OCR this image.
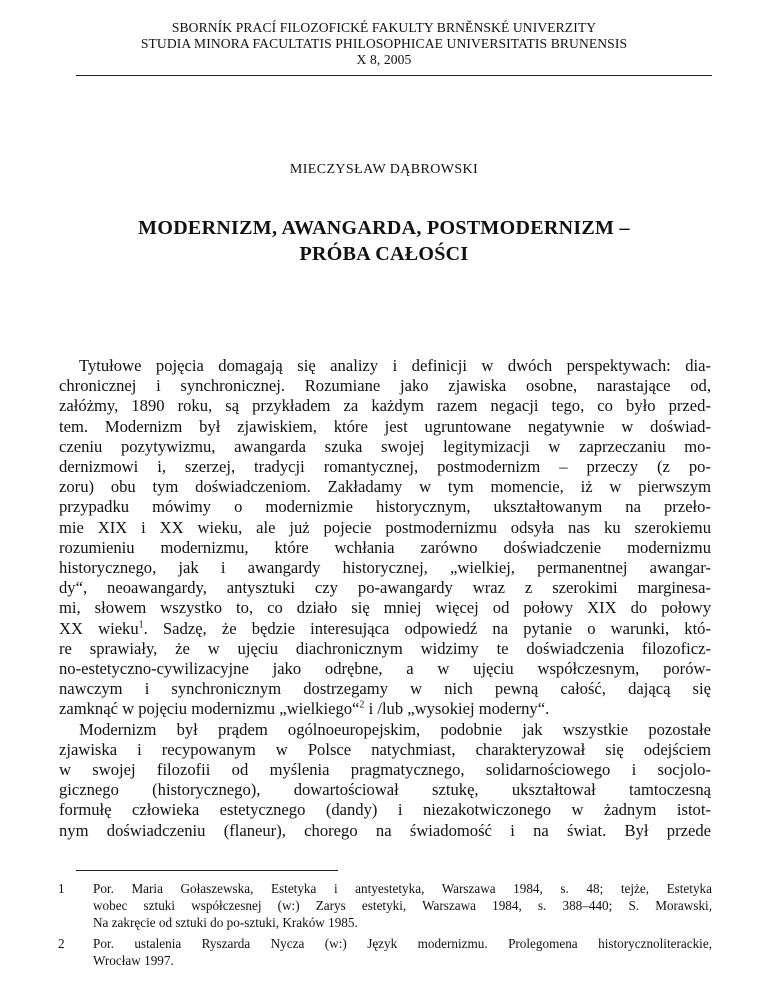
SBORNÍK PRACÍ FILOZOFICKÉ FAKULTY BRNĚNSKÉ UNIVERZITY
STUDIA MINORA FACULTATIS PHILOSOPHICAE UNIVERSITATIS BRUNENSIS
X 8, 2005
MIECZYSŁAW DĄBROWSKI
MODERNIZM, AWANGARDA, POSTMODERNIZM –
PRÓBA CAŁOŚCI

Tytułowe pojęcia domagają się analizy i definicji w dwóch perspektywach: dia-
chronicznej i synchronicznej. Rozumiane jako zjawiska osobne, narastające od,
załóżmy, 1890 roku, są przykładem za każdym razem negacji tego, co było przed-
tem. Modernizm był zjawiskiem, które jest ugruntowane negatywnie w doświad-
czeniu pozytywizmu, awangarda szuka swojej legitymizacji w zaprzeczaniu mo-
dernizmowi i, szerzej, tradycji romantycznej, postmodernizm – przeczy (z po-
zoru) obu tym doświadczeniom. Zakładamy w tym momencie, iż w pierwszym
przypadku mówimy o modernizmie historycznym, ukształtowanym na przeło-
mie XIX i XX wieku, ale już pojecie postmodernizmu odsyła nas ku szerokiemu
rozumieniu modernizmu, które wchłania zarówno doświadczenie modernizmu
historycznego, jak i awangardy historycznej, „wielkiej, permanentnej awangar-
dy“, neoawangardy, antysztuki czy po-awangardy wraz z szerokimi marginesa-
mi, słowem wszystko to, co działo się mniej więcej od połowy XIX do połowy
XX wieku$^1$. Sadzę, że będzie interesująca odpowiedź na pytanie o warunki, któ-
re sprawiały, że w ujęciu diachronicznym widzimy te doświadczenia filozoficz-
no-estetyczno-cywilizacyjne jako odrębne, a w ujęciu współczesnym, porów-
nawczym i synchronicznym dostrzegamy w nich pewną całość, dającą się
zamknąć w pojęciu modernizmu „wielkiego“$^2$ i /lub „wysokiej moderny“.

Modernizm był prądem ogólnoeuropejskim, podobnie jak wszystkie pozostałe
zjawiska i recypowanym w Polsce natychmiast, charakteryzował się odejściem
w swojej filozofii od myślenia pragmatycznego, solidarnościowego i socjolo-
gicznego (historycznego), dowartościował sztukę, ukształtował tamtoczesną
formułę człowieka estetycznego (dandy) i niezakotwiczonego w żadnym istot-
nym doświadczeniu (flaneur), chorego na świadomość i na świat. Był przede

1 Por. Maria Gołaszewska, Estetyka i antyestetyka, Warszawa 1984, s. 48; tejże, Estetyka
wobec sztuki współczesnej (w:) Zarys estetyki, Warszawa 1984, s. 388–440; S. Morawski,
Na zakręcie od sztuki do po-sztuki, Kraków 1985.
2 Por. ustalenia Ryszarda Nycza (w:) Język modernizmu. Prolegomena historycznoliterackie,
Wrocław 1997.
